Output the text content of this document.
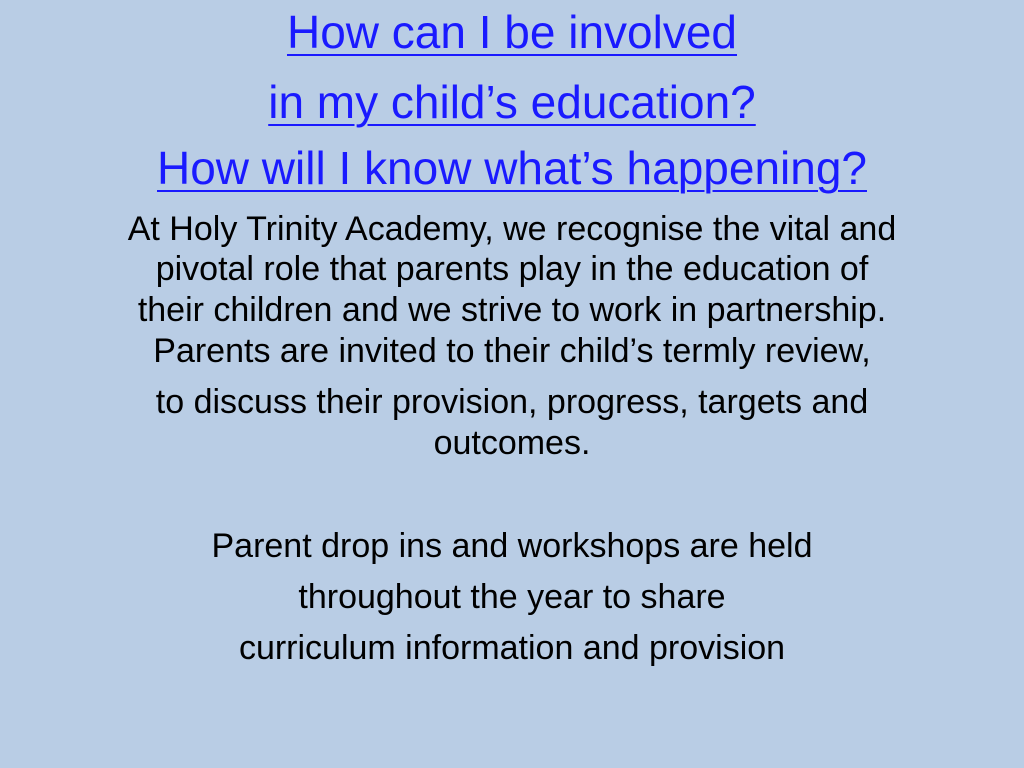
How can I be involved
in my child’s education?
How will I know what’s happening?

At Holy Trinity Academy, we recognise the vital and

pivotal role that parents play in the education of

their children and we strive to work in partnership.

Parents are invited to their child’s termly review,

to discuss their provision, progress, targets and

outcomes.

Parent drop ins and workshops are held

throughout the year to share

curriculum information and provision
